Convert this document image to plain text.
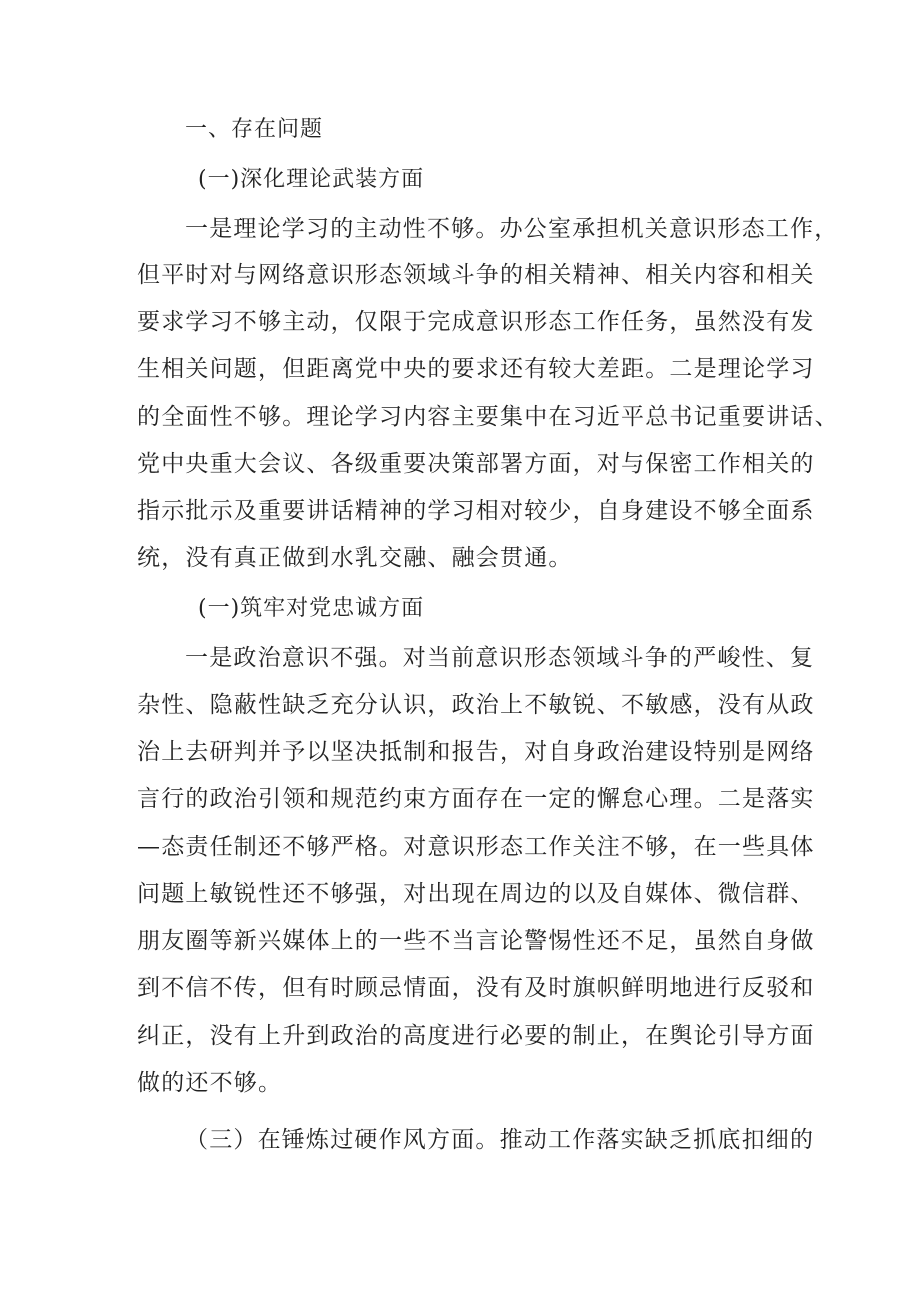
一、存在问题
(一)深化理论武装方面
一是理论学习的主动性不够。办公室承担机关意识形态工作，
但平时对与网络意识形态领域斗争的相关精神、相关内容和相关
要求学习不够主动，仅限于完成意识形态工作任务，虽然没有发
生相关问题，但距离党中央的要求还有较大差距。二是理论学习
的全面性不够。理论学习内容主要集中在习近平总书记重要讲话、
党中央重大会议、各级重要决策部署方面，对与保密工作相关的
指示批示及重要讲话精神的学习相对较少，自身建设不够全面系
统，没有真正做到水乳交融、融会贯通。
(一)筑牢对党忠诚方面
一是政治意识不强。对当前意识形态领域斗争的严峻性、复
杂性、隐蔽性缺乏充分认识，政治上不敏锐、不敏感，没有从政
治上去研判并予以坚决抵制和报告，对自身政治建设特别是网络
言行的政治引领和规范约束方面存在一定的懈怠心理。二是落实
—态责任制还不够严格。对意识形态工作关注不够，在一些具体
问题上敏锐性还不够强，对出现在周边的以及自媒体、微信群、
朋友圈等新兴媒体上的一些不当言论警惕性还不足，虽然自身做
到不信不传，但有时顾忌情面，没有及时旗帜鲜明地进行反驳和
纠正，没有上升到政治的高度进行必要的制止，在舆论引导方面
做的还不够。
（三）在锤炼过硬作风方面。推动工作落实缺乏抓底扣细的
